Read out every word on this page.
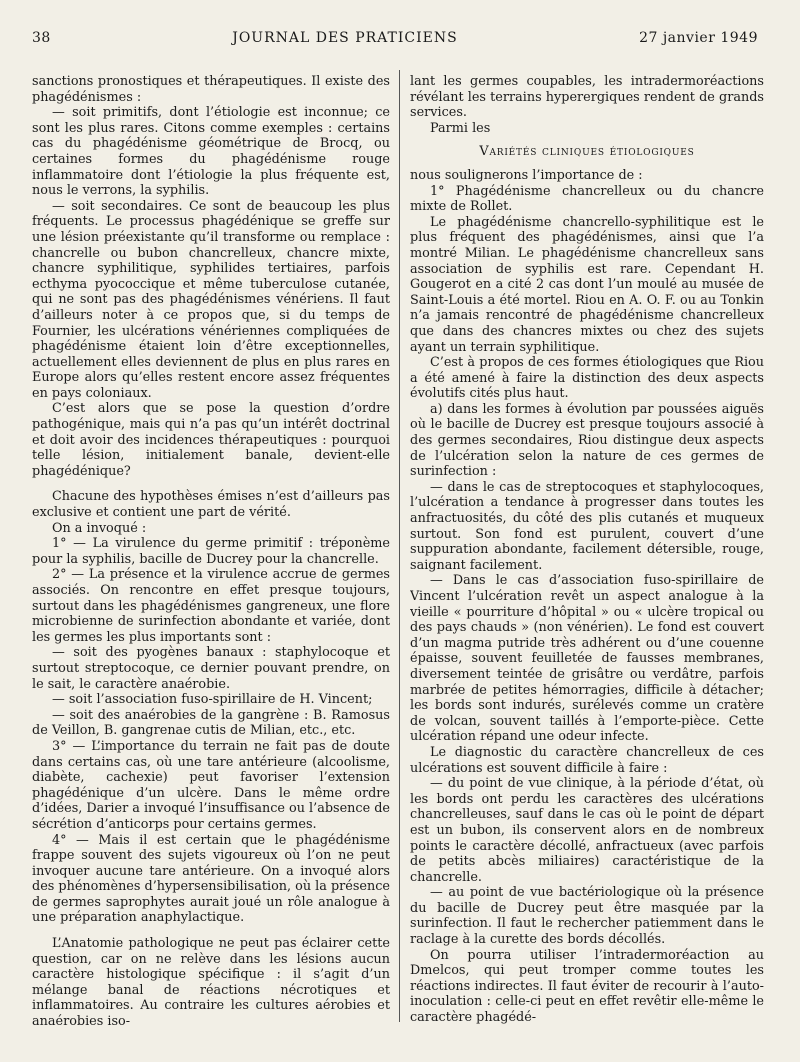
38	JOURNAL DES PRATICIENS	27 janvier 1949

sanctions pronostiques et thérapeutiques. Il existe des phagédénismes :

— soit primitifs, dont l’étiologie est inconnue; ce sont les plus rares. Citons comme exemples : certains cas du phagédénisme géométrique de Brocq, ou certaines formes du phagédénisme rouge inflammatoire dont l’étiologie la plus fréquente est, nous le verrons, la syphilis.

— soit secondaires. Ce sont de beaucoup les plus fréquents. Le processus phagédénique se greffe sur une lésion préexistante qu’il transforme ou remplace : chancrelle ou bubon chancrelleux, chancre mixte, chancre syphilitique, syphilides tertiaires, parfois ecthyma pyococcique et même tuberculose cutanée, qui ne sont pas des phagédénismes vénériens. Il faut d’ailleurs noter à ce propos que, si du temps de Fournier, les ulcérations vénériennes compliquées de phagédénisme étaient loin d’être exceptionnelles, actuellement elles deviennent de plus en plus rares en Europe alors qu’elles restent encore assez fréquentes en pays coloniaux.

C’est alors que se pose la question d’ordre pathogénique, mais qui n’a pas qu’un intérêt doctrinal et doit avoir des incidences thérapeutiques : pourquoi telle lésion, initialement banale, devient-elle phagédénique?

Chacune des hypothèses émises n’est d’ailleurs pas exclusive et contient une part de vérité.

On a invoqué :

1° — La virulence du germe primitif : tréponème pour la syphilis, bacille de Ducrey pour la chancrelle.

2° — La présence et la virulence accrue de germes associés. On rencontre en effet presque toujours, surtout dans les phagédénismes gangreneux, une flore microbienne de surinfection abondante et variée, dont les germes les plus importants sont :

— soit des pyogènes banaux : staphylocoque et surtout streptocoque, ce dernier pouvant prendre, on le sait, le caractère anaérobie.

— soit l’association fuso-spirillaire de H. Vincent;

— soit des anaérobies de la gangrène : B. Ramosus de Veillon, B. gangrenae cutis de Milian, etc., etc.

3° — L’importance du terrain ne fait pas de doute dans certains cas, où une tare antérieure (alcoolisme, diabète, cachexie) peut favoriser l’extension phagédénique d’un ulcère. Dans le même ordre d’idées, Darier a invoqué l’insuffisance ou l’absence de sécrétion d’anticorps pour certains germes.

4° — Mais il est certain que le phagédénisme frappe souvent des sujets vigoureux où l’on ne peut invoquer aucune tare antérieure. On a invoqué alors des phénomènes d’hypersensibilisation, où la présence de germes saprophytes aurait joué un rôle analogue à une préparation anaphylactique.

L’Anatomie pathologique ne peut pas éclairer cette question, car on ne relève dans les lésions aucun caractère histologique spécifique : il s’agit d’un mélange banal de réactions nécrotiques et inflammatoires. Au contraire les cultures aérobies et anaérobies iso-

lant les germes coupables, les intradermoréactions révélant les terrains hyperergiques rendent de grands services.

Parmi les

Variétés cliniques étiologiques

nous soulignerons l’importance de :

1° Phagédénisme chancrelleux ou du chancre mixte de Rollet.

Le phagédénisme chancrello-syphilitique est le plus fréquent des phagédénismes, ainsi que l’a montré Milian. Le phagédénisme chancrelleux sans association de syphilis est rare. Cependant H. Gougerot en a cité 2 cas dont l’un moulé au musée de Saint-Louis a été mortel. Riou en A. O. F. ou au Tonkin n’a jamais rencontré de phagédénisme chancrelleux que dans des chancres mixtes ou chez des sujets ayant un terrain syphilitique.

C’est à propos de ces formes étiologiques que Riou a été amené à faire la distinction des deux aspects évolutifs cités plus haut.

a) dans les formes à évolution par poussées aiguës où le bacille de Ducrey est presque toujours associé à des germes secondaires, Riou distingue deux aspects de l’ulcération selon la nature de ces germes de surinfection :

— dans le cas de streptocoques et staphylocoques, l’ulcération a tendance à progresser dans toutes les anfractuosités, du côté des plis cutanés et muqueux surtout. Son fond est purulent, couvert d’une suppuration abondante, facilement détersible, rouge, saignant facilement.

— Dans le cas d’association fuso-spirillaire de Vincent l’ulcération revêt un aspect analogue à la vieille « pourriture d’hôpital » ou « ulcère tropical ou des pays chauds » (non vénérien). Le fond est couvert d’un magma putride très adhérent ou d’une couenne épaisse, souvent feuilletée de fausses membranes, diversement teintée de grisâtre ou verdâtre, parfois marbrée de petites hémorragies, difficile à détacher; les bords sont indurés, surélevés comme un cratère de volcan, souvent taillés à l’emporte-pièce. Cette ulcération répand une odeur infecte.

Le diagnostic du caractère chancrelleux de ces ulcérations est souvent difficile à faire :

— du point de vue clinique, à la période d’état, où les bords ont perdu les caractères des ulcérations chancrelleuses, sauf dans le cas où le point de départ est un bubon, ils conservent alors en de nombreux points le caractère décollé, anfractueux (avec parfois de petits abcès miliaires) caractéristique de la chancrelle.

— au point de vue bactériologique où la présence du bacille de Ducrey peut être masquée par la surinfection. Il faut le rechercher patiemment dans le raclage à la curette des bords décollés.

On pourra utiliser l’intradermoréaction au Dmelcos, qui peut tromper comme toutes les réactions indirectes. Il faut éviter de recourir à l’auto-inoculation : celle-ci peut en effet revêtir elle-même le caractère phagédé-
